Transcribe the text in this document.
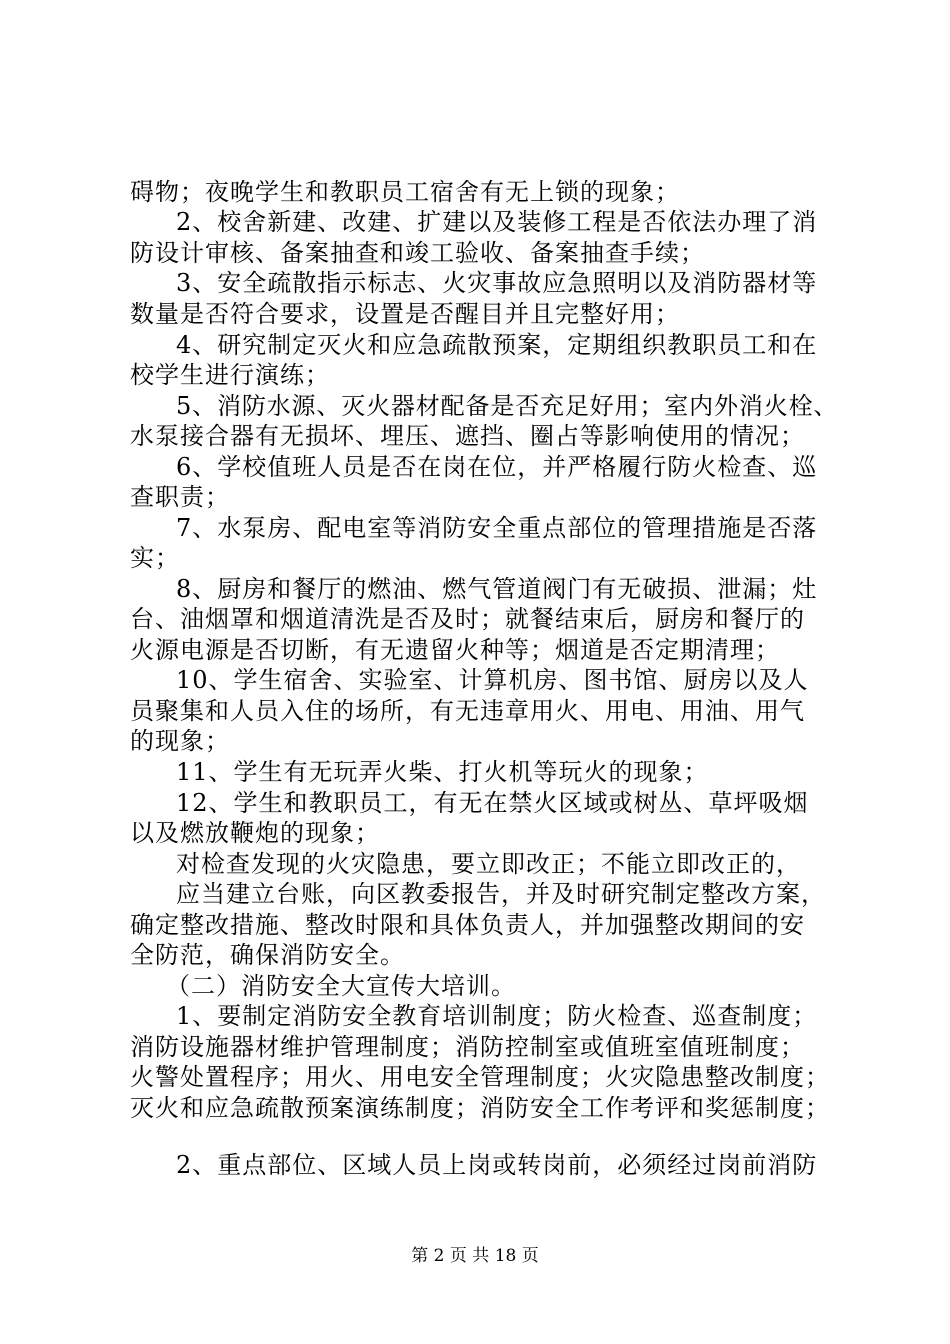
碍物；夜晚学生和教职员工宿舍有无上锁的现象；
2、校舍新建、改建、扩建以及装修工程是否依法办理了消
防设计审核、备案抽查和竣工验收、备案抽查手续；
3、安全疏散指示标志、火灾事故应急照明以及消防器材等
数量是否符合要求，设置是否醒目并且完整好用；
4、研究制定灭火和应急疏散预案，定期组织教职员工和在
校学生进行演练；
5、消防水源、灭火器材配备是否充足好用；室内外消火栓、
水泵接合器有无损坏、埋压、遮挡、圈占等影响使用的情况；
6、学校值班人员是否在岗在位，并严格履行防火检查、巡
查职责；
7、水泵房、配电室等消防安全重点部位的管理措施是否落
实；
8、厨房和餐厅的燃油、燃气管道阀门有无破损、泄漏；灶
台、油烟罩和烟道清洗是否及时；就餐结束后，厨房和餐厅的
火源电源是否切断，有无遗留火种等；烟道是否定期清理；
10、学生宿舍、实验室、计算机房、图书馆、厨房以及人
员聚集和人员入住的场所，有无违章用火、用电、用油、用气
的现象；
11、学生有无玩弄火柴、打火机等玩火的现象；
12、学生和教职员工，有无在禁火区域或树丛、草坪吸烟
以及燃放鞭炮的现象；
对检查发现的火灾隐患，要立即改正；不能立即改正的，
应当建立台账，向区教委报告，并及时研究制定整改方案，
确定整改措施、整改时限和具体负责人，并加强整改期间的安
全防范，确保消防安全。
（二）消防安全大宣传大培训。
1、要制定消防安全教育培训制度；防火检查、巡查制度；
消防设施器材维护管理制度；消防控制室或值班室值班制度；
火警处置程序；用火、用电安全管理制度；火灾隐患整改制度；
灭火和应急疏散预案演练制度；消防安全工作考评和奖惩制度；
2、重点部位、区域人员上岗或转岗前，必须经过岗前消防
第 2 页 共 18 页
